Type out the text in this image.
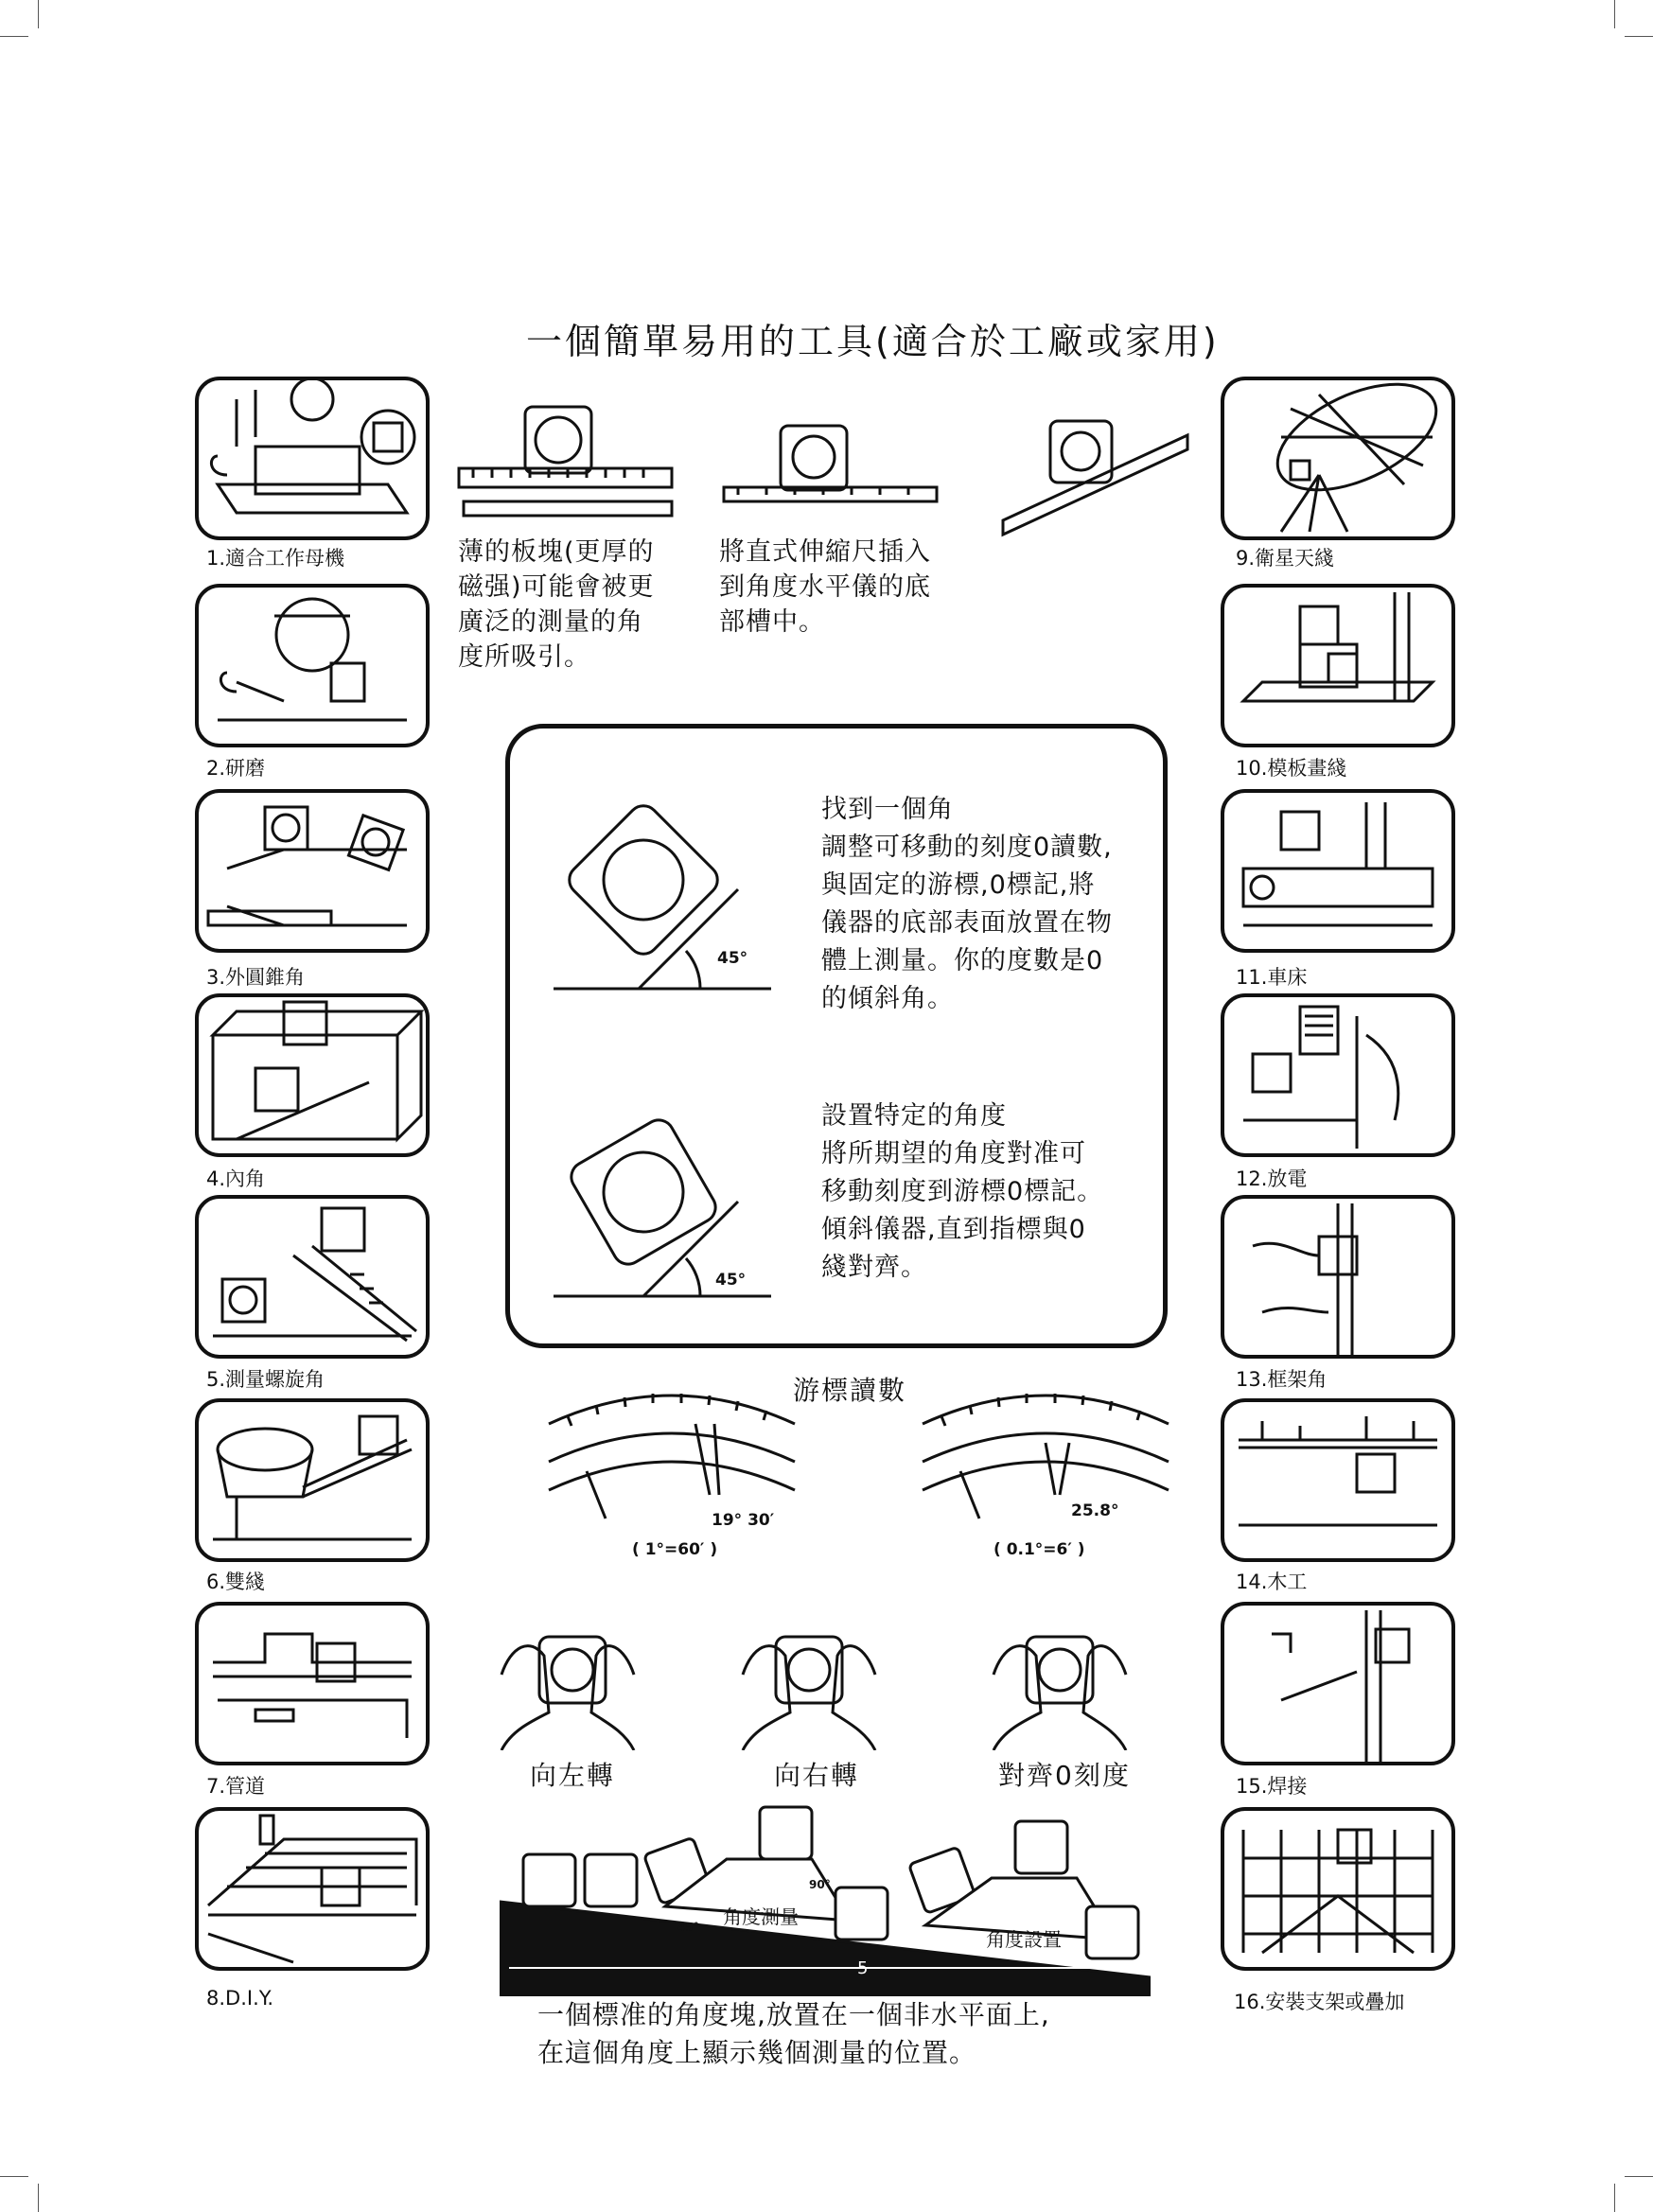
一個簡單易用的工具(適合於工廠或家用)
1.適合工作母機
2.研磨
3.外圓錐角
4.內角
5.測量螺旋角
6.雙綫
7.管道
8.D.I.Y.
9.衛星天綫
10.模板畫綫
11.車床
12.放電
13.框架角
14.木工
15.焊接
16.安裝支架或疊加
薄的板塊(更厚的
磁强)可能會被更
廣泛的測量的角
度所吸引。
將直式伸縮尺插入
到角度水平儀的底
部槽中。
45°
找到一個角
調整可移動的刻度0讀數,
與固定的游標,0標記,將
儀器的底部表面放置在物
體上測量。你的度數是0
的傾斜角。
45°
設置特定的角度
將所期望的角度對准可
移動刻度到游標0標記。
傾斜儀器,直到指標與0
綫對齊。
游標讀數
19° 30′
( 1°=60′ )
25.8°
( 0.1°=6′ )
向左轉	向右轉	對齊0刻度
角度測量
角度設置
90°
45°
5
一個標准的角度塊,放置在一個非水平面上,
在這個角度上顯示幾個測量的位置。
